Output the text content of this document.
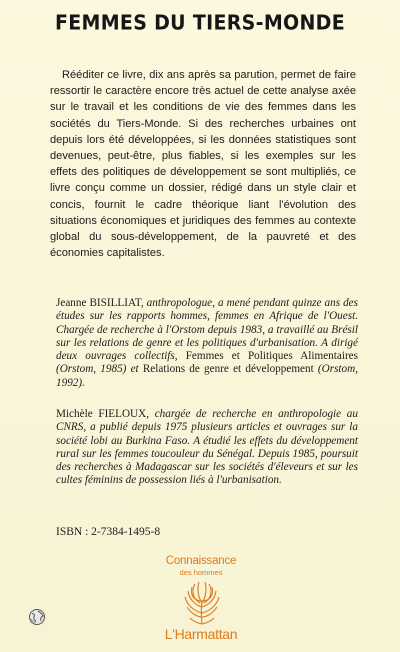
FEMMES DU TIERS-MONDE
Rééditer ce livre, dix ans après sa parution, permet de faire ressortir le caractère encore très actuel de cette analyse axée sur le travail et les conditions de vie des femmes dans les sociétés du Tiers-Monde. Si des recherches urbaines ont depuis lors été développées, si les données statistiques sont devenues, peut-être, plus fiables, si les exemples sur les effets des politiques de développement se sont multipliés, ce livre conçu comme un dossier, rédigé dans un style clair et concis, fournit le cadre théorique liant l'évolution des situations économiques et juridiques des femmes au contexte global du sous-développement, de la pauvreté et des économies capitalistes.
Jeanne BISILLIAT, anthropologue, a mené pendant quinze ans des études sur les rapports hommes, femmes en Afrique de l'Ouest. Chargée de recherche à l'Orstom depuis 1983, a travaillé au Brésil sur les relations de genre et les politiques d'urbanisation. A dirigé deux ouvrages collectifs, Femmes et Politiques Alimentaires (Orstom, 1985) et Relations de genre et développement (Orstom, 1992).
Michèle FIELOUX, chargée de recherche en anthropologie au CNRS, a publié depuis 1975 plusieurs articles et ouvrages sur la société lobi au Burkina Faso. A étudié les effets du développement rural sur les femmes toucouleur du Sénégal. Depuis 1985, poursuit des recherches à Madagascar sur les sociétés d'éleveurs et sur les cultes féminins de possession liés à l'urbanisation.
ISBN : 2-7384-1495-8
Connaissance
des hommes
L'Harmattan
